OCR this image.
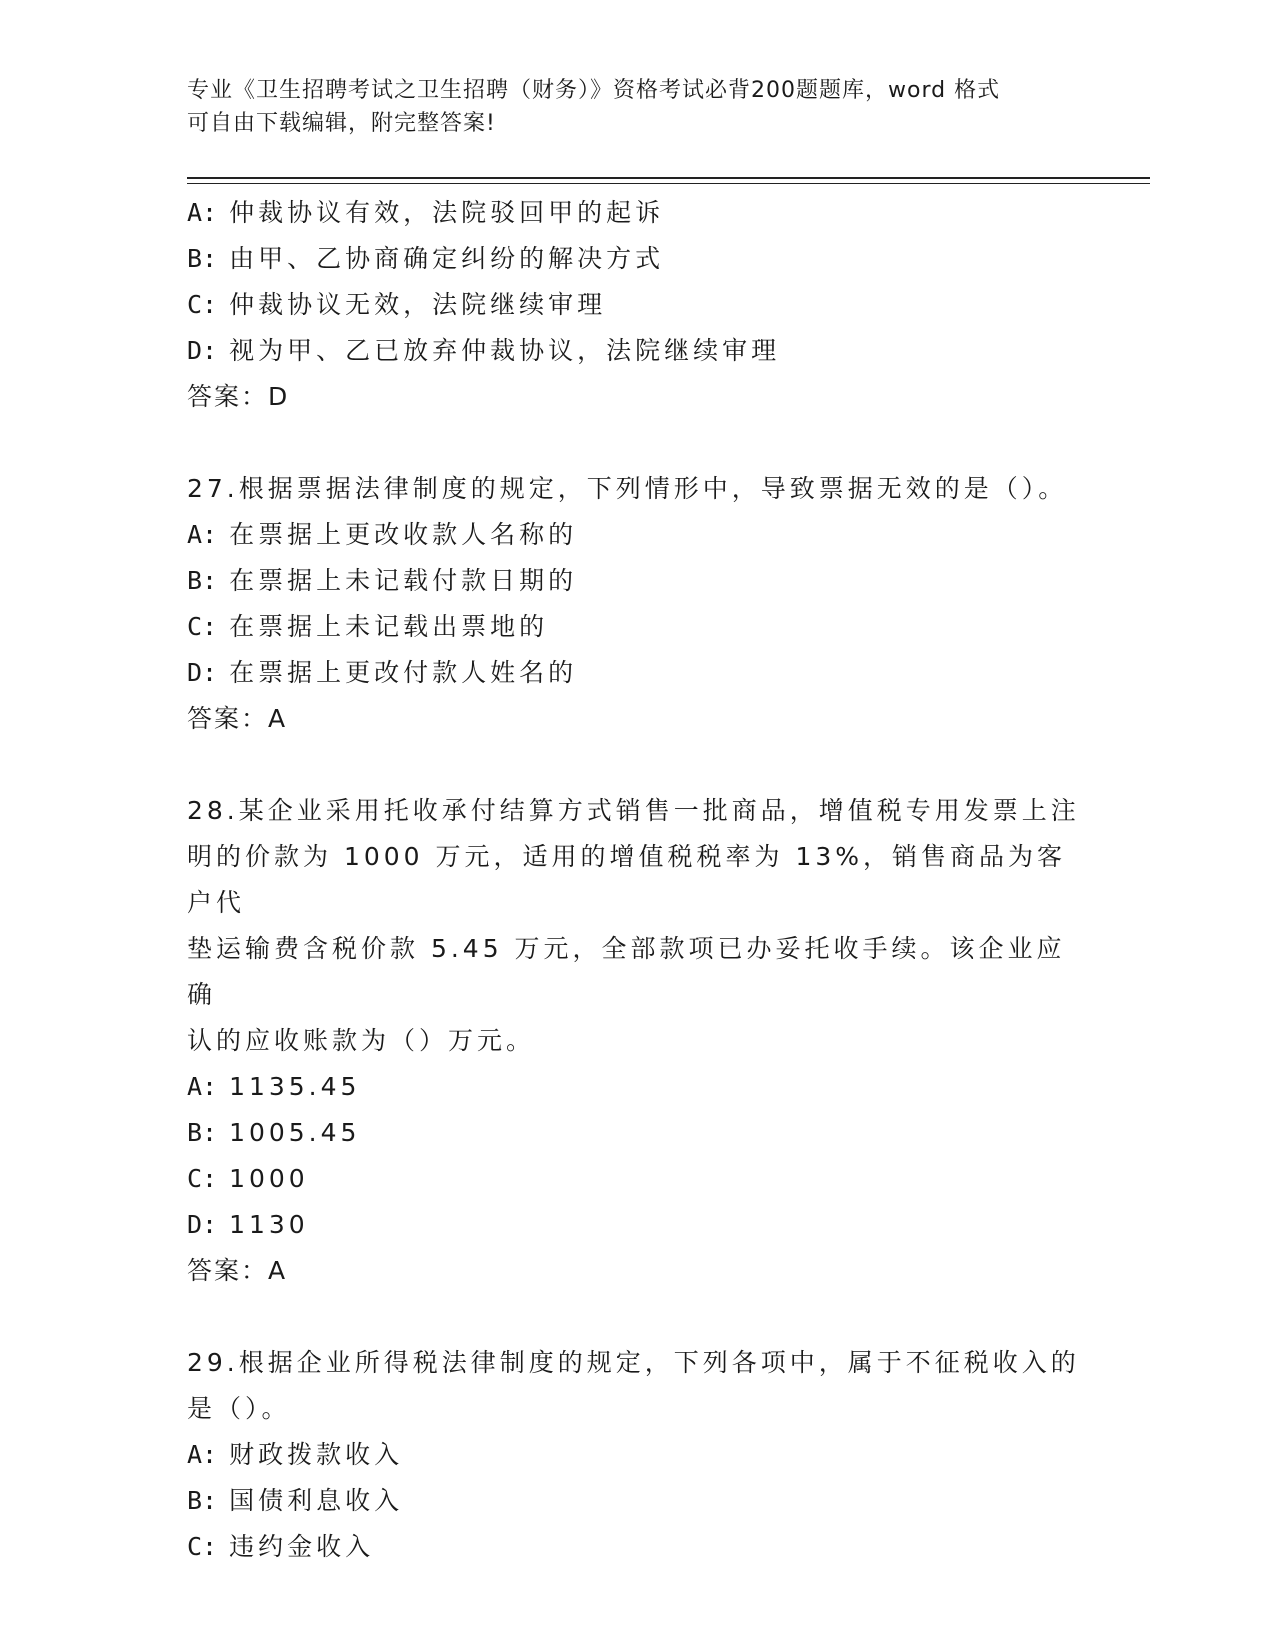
专业《卫生招聘考试之卫生招聘（财务）》资格考试必背200题题库，word 格式
可自由下载编辑，附完整答案!
A: 仲裁协议有效，法院驳回甲的起诉
B: 由甲、乙协商确定纠纷的解决方式
C: 仲裁协议无效，法院继续审理
D: 视为甲、乙已放弃仲裁协议，法院继续审理
答案：D
27.根据票据法律制度的规定，下列情形中，导致票据无效的是（）。
A: 在票据上更改收款人名称的
B: 在票据上未记载付款日期的
C: 在票据上未记载出票地的
D: 在票据上更改付款人姓名的
答案：A
28.某企业采用托收承付结算方式销售一批商品，增值税专用发票上注
明的价款为 1000 万元，适用的增值税税率为 13%，销售商品为客户代
垫运输费含税价款 5.45 万元，全部款项已办妥托收手续。该企业应确
认的应收账款为（）万元。
A: 1135.45
B: 1005.45
C: 1000
D: 1130
答案：A
29.根据企业所得税法律制度的规定，下列各项中，属于不征税收入的
是（）。
A: 财政拨款收入
B: 国债利息收入
C: 违约金收入
